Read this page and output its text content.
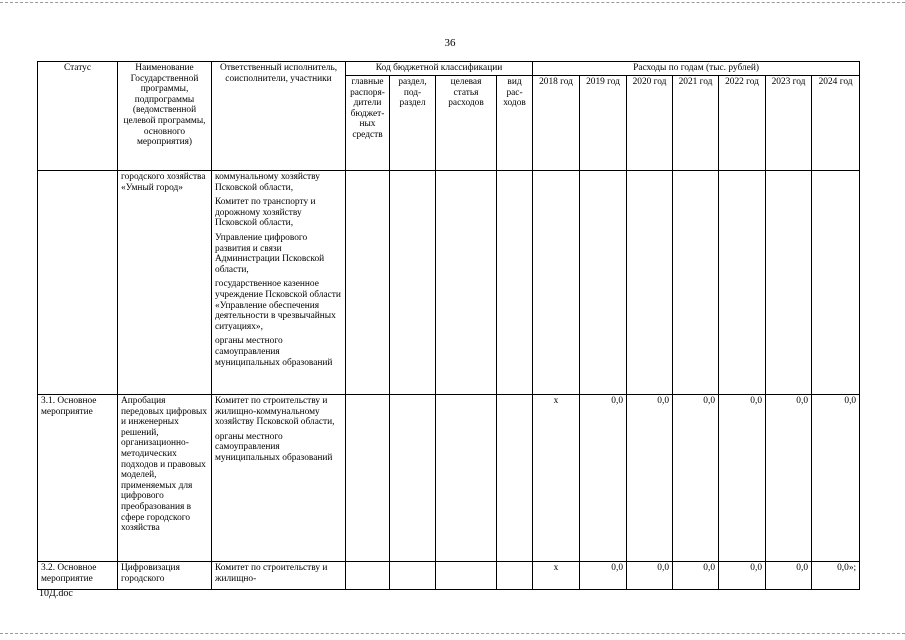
36
Статус	Наименование Государственной программы, подпрограммы (ведомственной целевой программы, основного мероприятия)	Ответственный исполнитель, соисполнители, участники	Код бюджетной классификации				Расходы по годам (тыс. рублей)						
			главные распоря-дители бюджет-ных средств	раздел, под-раздел	целевая статья расходов	вид рас-ходов	2018 год	2019 год	2020 год	2021 год	2022 год	2023 год	2024 год
	городского хозяйства «Умный город»	коммунальному хозяйству Псковской области,
Комитет по транспорту и дорожному хозяйству Псковской области,
Управление цифрового развития и связи Администрации Псковской области,
государственное казенное учреждение Псковской области «Управление обеспечения деятельности в чрезвычайных ситуациях»,
органы местного самоуправления муниципальных образований											

3.1. Основное мероприятие	Апробация передовых цифровых и инженерных решений, организационно-методических подходов и правовых моделей, применяемых для цифрового преобразования в сфере городского хозяйства	Комитет по строительству и жилищно-коммунальному хозяйству Псковской области,
органы местного самоуправления муниципальных образований					х	0,0	0,0	0,0	0,0	0,0	0,0
3.2. Основное мероприятие	Цифровизация городского	Комитет по строительству и жилищно-					х	0,0	0,0	0,0	0,0	0,0	0,0»;
10Д.doc
